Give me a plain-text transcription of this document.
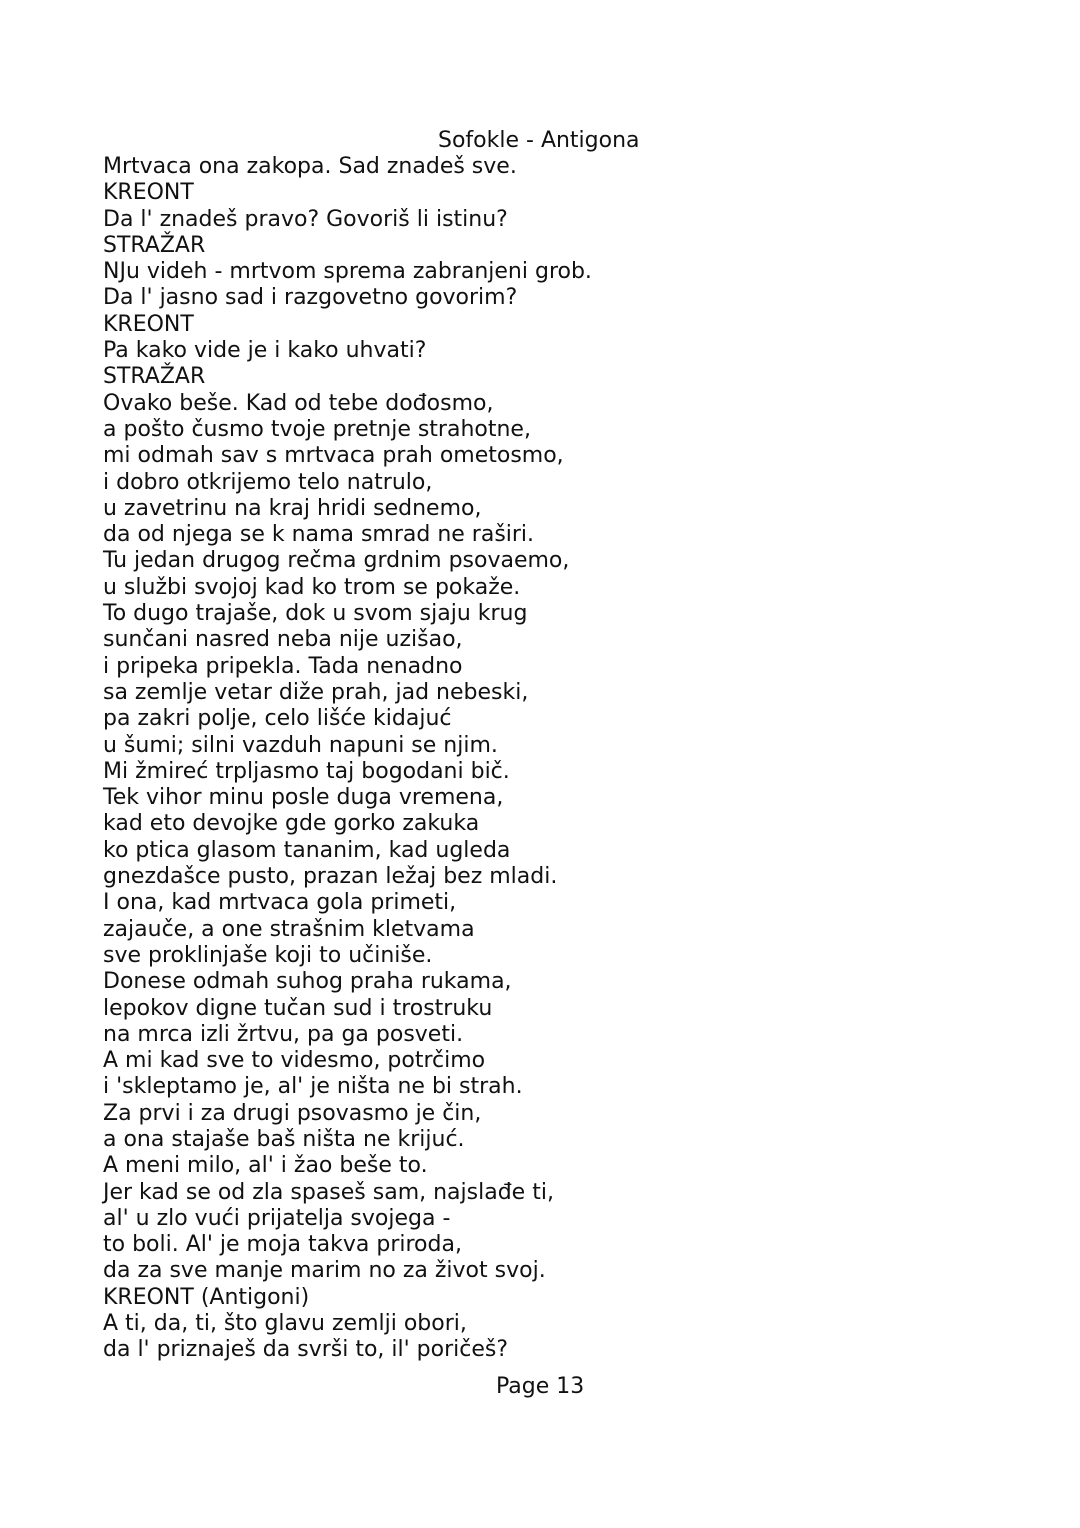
Sofokle - Antigona
Mrtvaca ona zakopa. Sad znadeš sve.
KREONT
Da l' znadeš pravo? Govoriš li istinu?
STRAŽAR
NJu videh - mrtvom sprema zabranjeni grob.
Da l' jasno sad i razgovetno govorim?
KREONT
Pa kako vide je i kako uhvati?
STRAŽAR
Ovako beše. Kad od tebe dođosmo,
a pošto čusmo tvoje pretnje strahotne,
mi odmah sav s mrtvaca prah ometosmo,
i dobro otkrijemo telo natrulo,
u zavetrinu na kraj hridi sednemo,
da od njega se k nama smrad ne raširi.
Tu jedan drugog rečma grdnim psovaemo,
u službi svojoj kad ko trom se pokaže.
To dugo trajaše, dok u svom sjaju krug
sunčani nasred neba nije uzišao,
i pripeka pripekla. Tada nenadno
sa zemlje vetar diže prah, jad nebeski,
pa zakri polje, celo lišće kidajuć
u šumi; silni vazduh napuni se njim.
Mi žmireć trpljasmo taj bogodani bič.
Tek vihor minu posle duga vremena,
kad eto devojke gde gorko zakuka
ko ptica glasom tananim, kad ugleda
gnezdašce pusto, prazan ležaj bez mladi.
I ona, kad mrtvaca gola primeti,
zajauče, a one strašnim kletvama
sve proklinjaše koji to učiniše.
Donese odmah suhog praha rukama,
lepokov digne tučan sud i trostruku
na mrca izli žrtvu, pa ga posveti.
A mi kad sve to videsmo, potrčimo
i 'skleptamo je, al' je ništa ne bi strah.
Za prvi i za drugi psovasmo je čin,
a ona stajaše baš ništa ne krijuć.
A meni milo, al' i žao beše to.
Jer kad se od zla spaseš sam, najslađe ti,
al' u zlo vući prijatelja svojega -
to boli. Al' je moja takva priroda,
da za sve manje marim no za život svoj.
KREONT (Antigoni)
A ti, da, ti, što glavu zemlji obori,
da l' priznaješ da svrši to, il' poričeš?
Page 13
